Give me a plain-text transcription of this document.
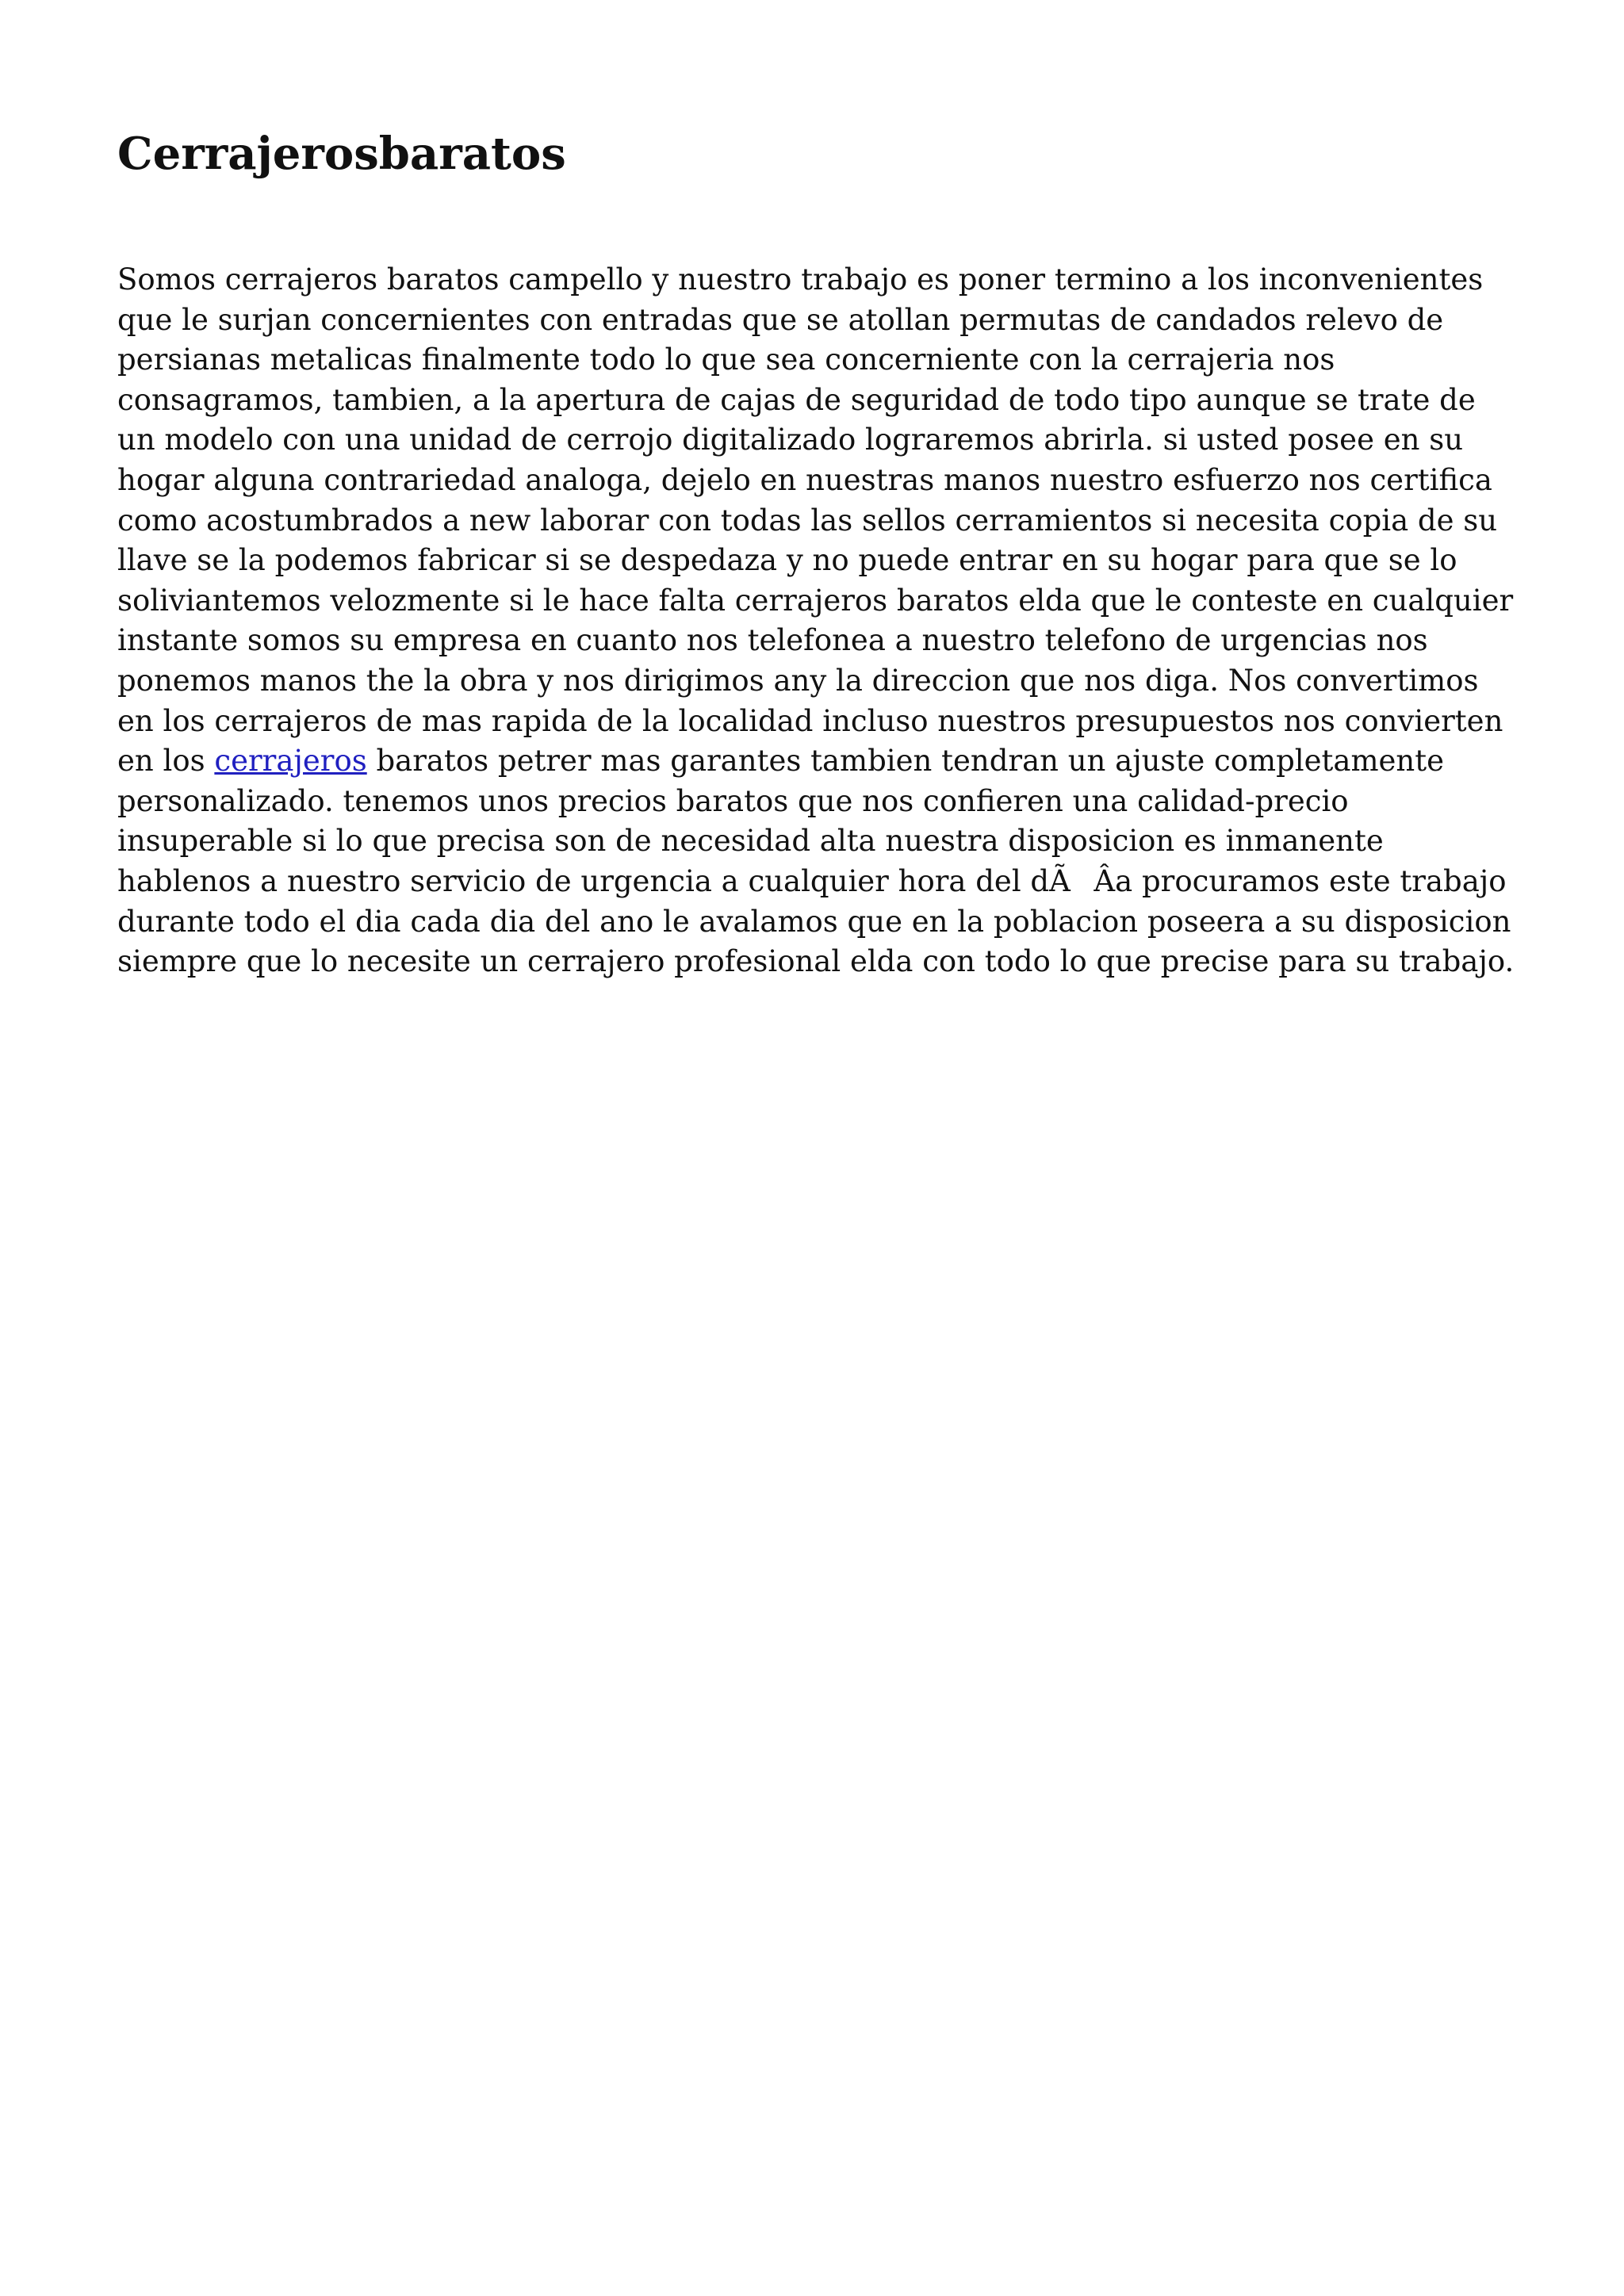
Cerrajerosbaratos

Somos cerrajeros baratos campello y nuestro trabajo es poner termino a los inconvenientes que le surjan concernientes con entradas que se atollan permutas de candados relevo de persianas metalicas finalmente todo lo que sea concerniente con la cerrajeria nos consagramos, tambien, a la apertura de cajas de seguridad de todo tipo aunque se trate de un modelo con una unidad de cerrojo digitalizado lograremos abrirla. si usted posee en su hogar alguna contrariedad analoga, dejelo en nuestras manos nuestro esfuerzo nos certifica como acostumbrados a new laborar con todas las sellos cerramientos si necesita copia de su llave se la podemos fabricar si se despedaza y no puede entrar en su hogar para que se lo soliviantemos velozmente si le hace falta cerrajeros baratos elda que le conteste en cualquier instante somos su empresa en cuanto nos telefonea a nuestro telefono de urgencias nos ponemos manos the la obra y nos dirigimos any la direccion que nos diga. Nos convertimos en los cerrajeros de mas rapida de la localidad incluso nuestros presupuestos nos convierten en los cerrajeros baratos petrer mas garantes tambien tendran un ajuste completamente personalizado. tenemos unos precios baratos que nos confieren una calidad-precio insuperable si lo que precisa son de necesidad alta nuestra disposicion es inmanente hablenos a nuestro servicio de urgencia a cualquier hora del dÃÂa procuramos este trabajo durante todo el dia cada dia del ano le avalamos que en la poblacion poseera a su disposicion siempre que lo necesite un cerrajero profesional elda con todo lo que precise para su trabajo.
